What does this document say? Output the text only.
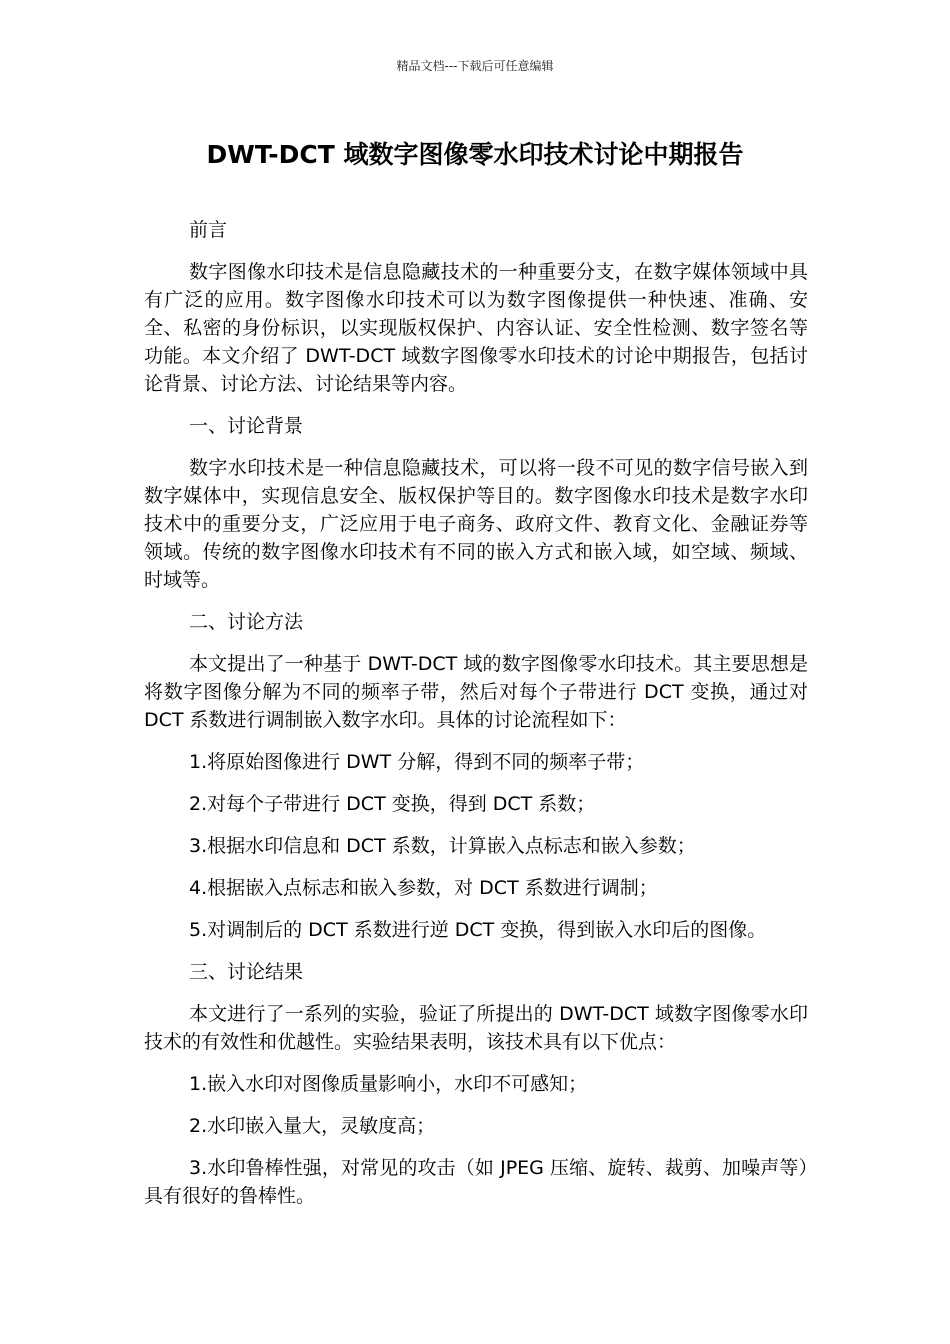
精品文档---下载后可任意编辑
DWT-DCT 域数字图像零水印技术讨论中期报告

前言

数字图像水印技术是信息隐藏技术的一种重要分支，在数字媒体领域中具有广泛的应用。数字图像水印技术可以为数字图像提供一种快速、准确、安全、私密的身份标识，以实现版权保护、内容认证、安全性检测、数字签名等功能。本文介绍了 DWT-DCT 域数字图像零水印技术的讨论中期报告，包括讨论背景、讨论方法、讨论结果等内容。

一、讨论背景

数字水印技术是一种信息隐藏技术，可以将一段不可见的数字信号嵌入到数字媒体中，实现信息安全、版权保护等目的。数字图像水印技术是数字水印技术中的重要分支，广泛应用于电子商务、政府文件、教育文化、金融证券等领域。传统的数字图像水印技术有不同的嵌入方式和嵌入域，如空域、频域、时域等。

二、讨论方法

本文提出了一种基于 DWT-DCT 域的数字图像零水印技术。其主要思想是将数字图像分解为不同的频率子带，然后对每个子带进行 DCT 变换，通过对 DCT 系数进行调制嵌入数字水印。具体的讨论流程如下：

1.将原始图像进行 DWT 分解，得到不同的频率子带；

2.对每个子带进行 DCT 变换，得到 DCT 系数；

3.根据水印信息和 DCT 系数，计算嵌入点标志和嵌入参数；

4.根据嵌入点标志和嵌入参数，对 DCT 系数进行调制；

5.对调制后的 DCT 系数进行逆 DCT 变换，得到嵌入水印后的图像。

三、讨论结果

本文进行了一系列的实验，验证了所提出的 DWT-DCT 域数字图像零水印技术的有效性和优越性。实验结果表明，该技术具有以下优点：

1.嵌入水印对图像质量影响小，水印不可感知；

2.水印嵌入量大，灵敏度高；

3.水印鲁棒性强，对常见的攻击（如 JPEG 压缩、旋转、裁剪、加噪声等）具有很好的鲁棒性。
